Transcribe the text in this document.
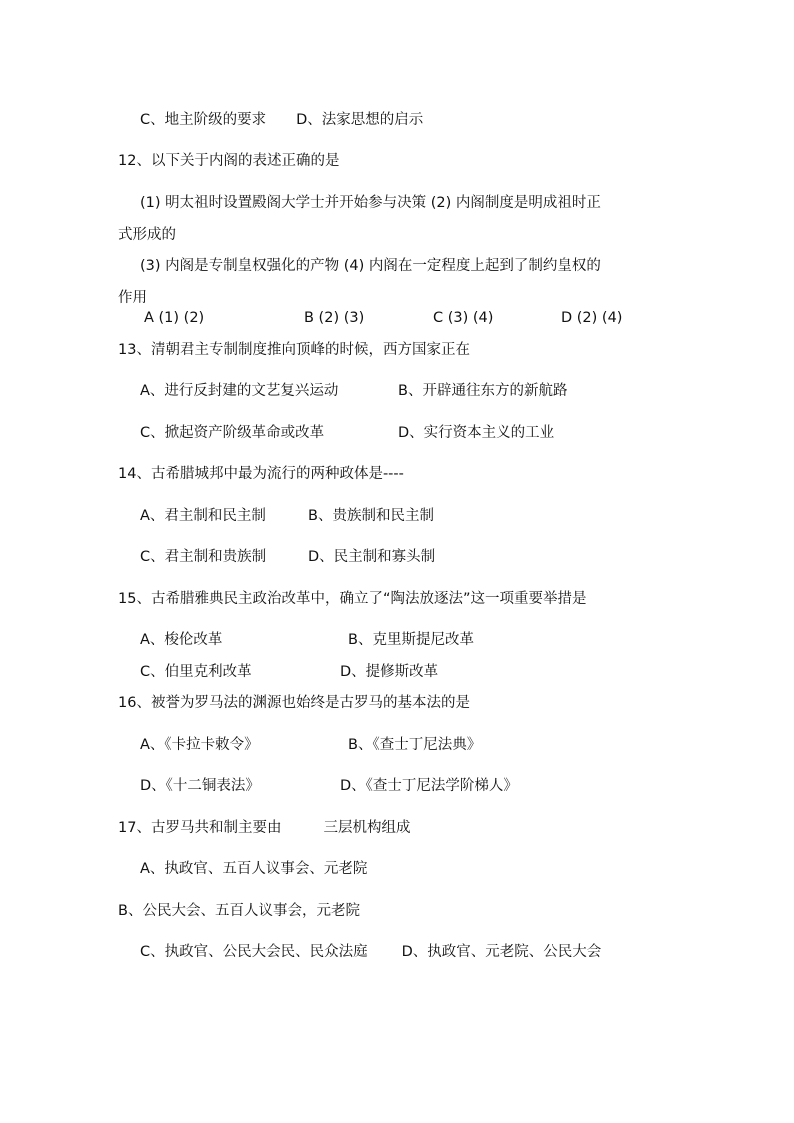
C、地主阶级的要求 D、法家思想的启示
12、以下关于内阁的表述正确的是
(1) 明太祖时设置殿阁大学士并开始参与决策 (2) 内阁制度是明成祖时正
式形成的
(3) 内阁是专制皇权强化的产物 (4) 内阁在一定程度上起到了制约皇权的
作用
A (1) (2)	B (2) (3)	C (3) (4)	D (2) (4)
13、清朝君主专制制度推向顶峰的时候，西方国家正在
A、进行反封建的文艺复兴运动	B、开辟通往东方的新航路
C、掀起资产阶级革命或改革	D、实行资本主义的工业
14、古希腊城邦中最为流行的两种政体是----
A、君主制和民主制	B、贵族制和民主制
C、君主制和贵族制	D、民主制和寡头制
15、古希腊雅典民主政治改革中，确立了“陶法放逐法”这一项重要举措是
A、梭伦改革	B、克里斯提尼改革
C、伯里克利改革	D、提修斯改革
16、被誉为罗马法的渊源也始终是古罗马的基本法的是
A、《卡拉卡敕令》	B、《查士丁尼法典》
D、《十二铜表法》	D、《查士丁尼法学阶梯人》
17、古罗马共和制主要由	三层机构组成
A、执政官、五百人议事会、元老院
B、公民大会、五百人议事会，元老院
C、执政官、公民大会民、民众法庭 D、执政官、元老院、公民大会
